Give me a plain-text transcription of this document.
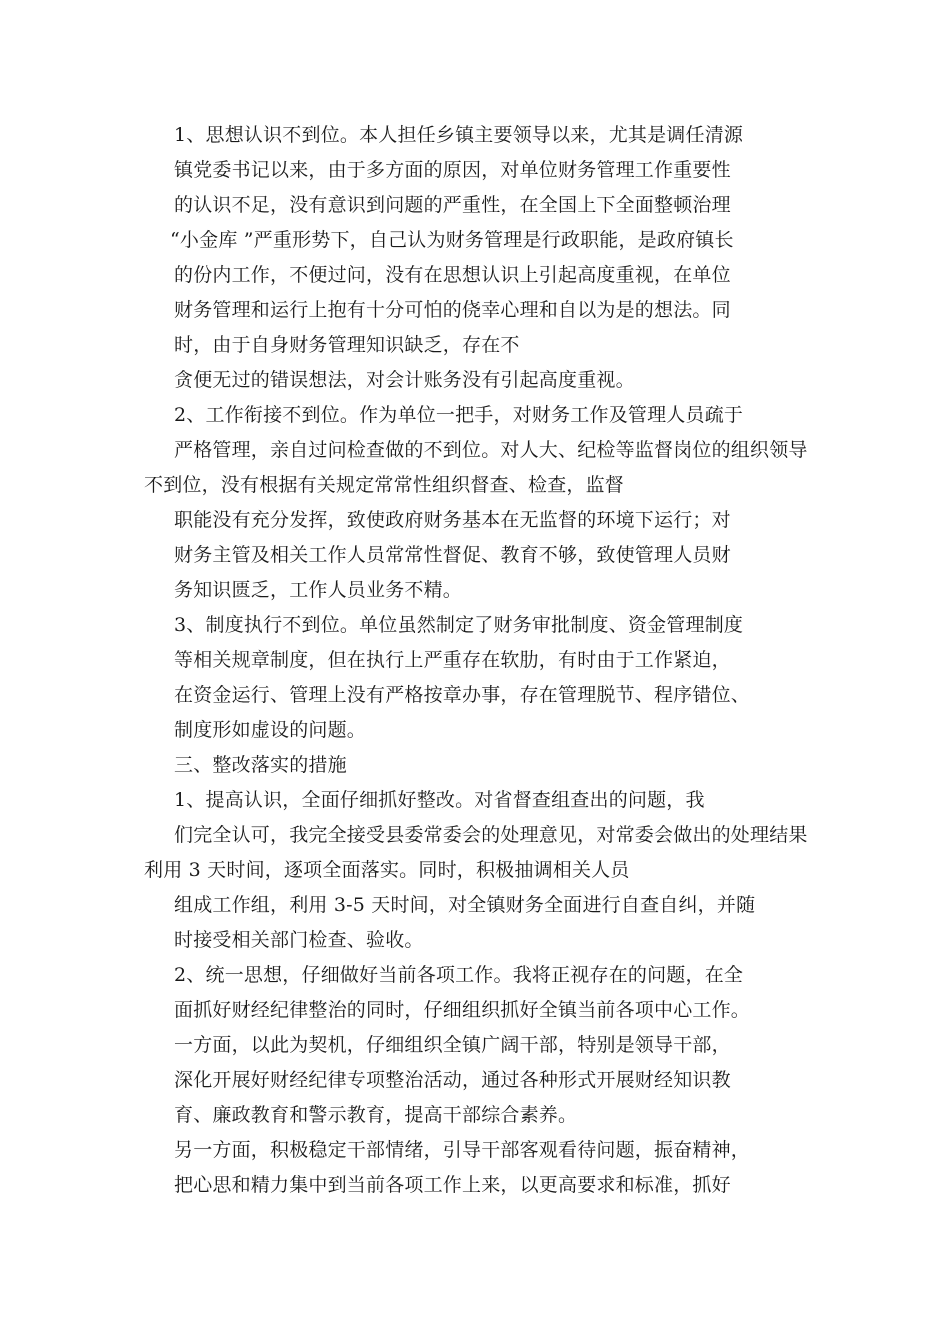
1、思想认识不到位。本人担任乡镇主要领导以来，尤其是调任清源
镇党委书记以来，由于多方面的原因，对单位财务管理工作重要性
的认识不足，没有意识到问题的严重性，在全国上下全面整顿治理
“小金库 ”严重形势下，自己认为财务管理是行政职能，是政府镇长
的份内工作，不便过问，没有在思想认识上引起高度重视，在单位
财务管理和运行上抱有十分可怕的侥幸心理和自以为是的想法。同
时，由于自身财务管理知识缺乏，存在不
贪便无过的错误想法，对会计账务没有引起高度重视。
2、工作衔接不到位。作为单位一把手，对财务工作及管理人员疏于
严格管理，亲自过问检查做的不到位。对人大、纪检等监督岗位的组织领导
不到位，没有根据有关规定常常性组织督查、检查，监督
职能没有充分发挥，致使政府财务基本在无监督的环境下运行；对
财务主管及相关工作人员常常性督促、教育不够，致使管理人员财
务知识匮乏，工作人员业务不精。
3、制度执行不到位。单位虽然制定了财务审批制度、资金管理制度
等相关规章制度，但在执行上严重存在软肋，有时由于工作紧迫，
在资金运行、管理上没有严格按章办事，存在管理脱节、程序错位、
制度形如虚设的问题。
三、整改落实的措施
1、提高认识，全面仔细抓好整改。对省督查组查出的问题，我
们完全认可，我完全接受县委常委会的处理意见，对常委会做出的处理结果
利用 3 天时间，逐项全面落实。同时，积极抽调相关人员
组成工作组，利用 3-5 天时间，对全镇财务全面进行自查自纠，并随
时接受相关部门检查、验收。
2、统一思想，仔细做好当前各项工作。我将正视存在的问题，在全
面抓好财经纪律整治的同时，仔细组织抓好全镇当前各项中心工作。
一方面，以此为契机，仔细组织全镇广阔干部，特别是领导干部，
深化开展好财经纪律专项整治活动，通过各种形式开展财经知识教
育、廉政教育和警示教育，提高干部综合素养。
另一方面，积极稳定干部情绪，引导干部客观看待问题，振奋精神，
把心思和精力集中到当前各项工作上来，以更高要求和标准，抓好
